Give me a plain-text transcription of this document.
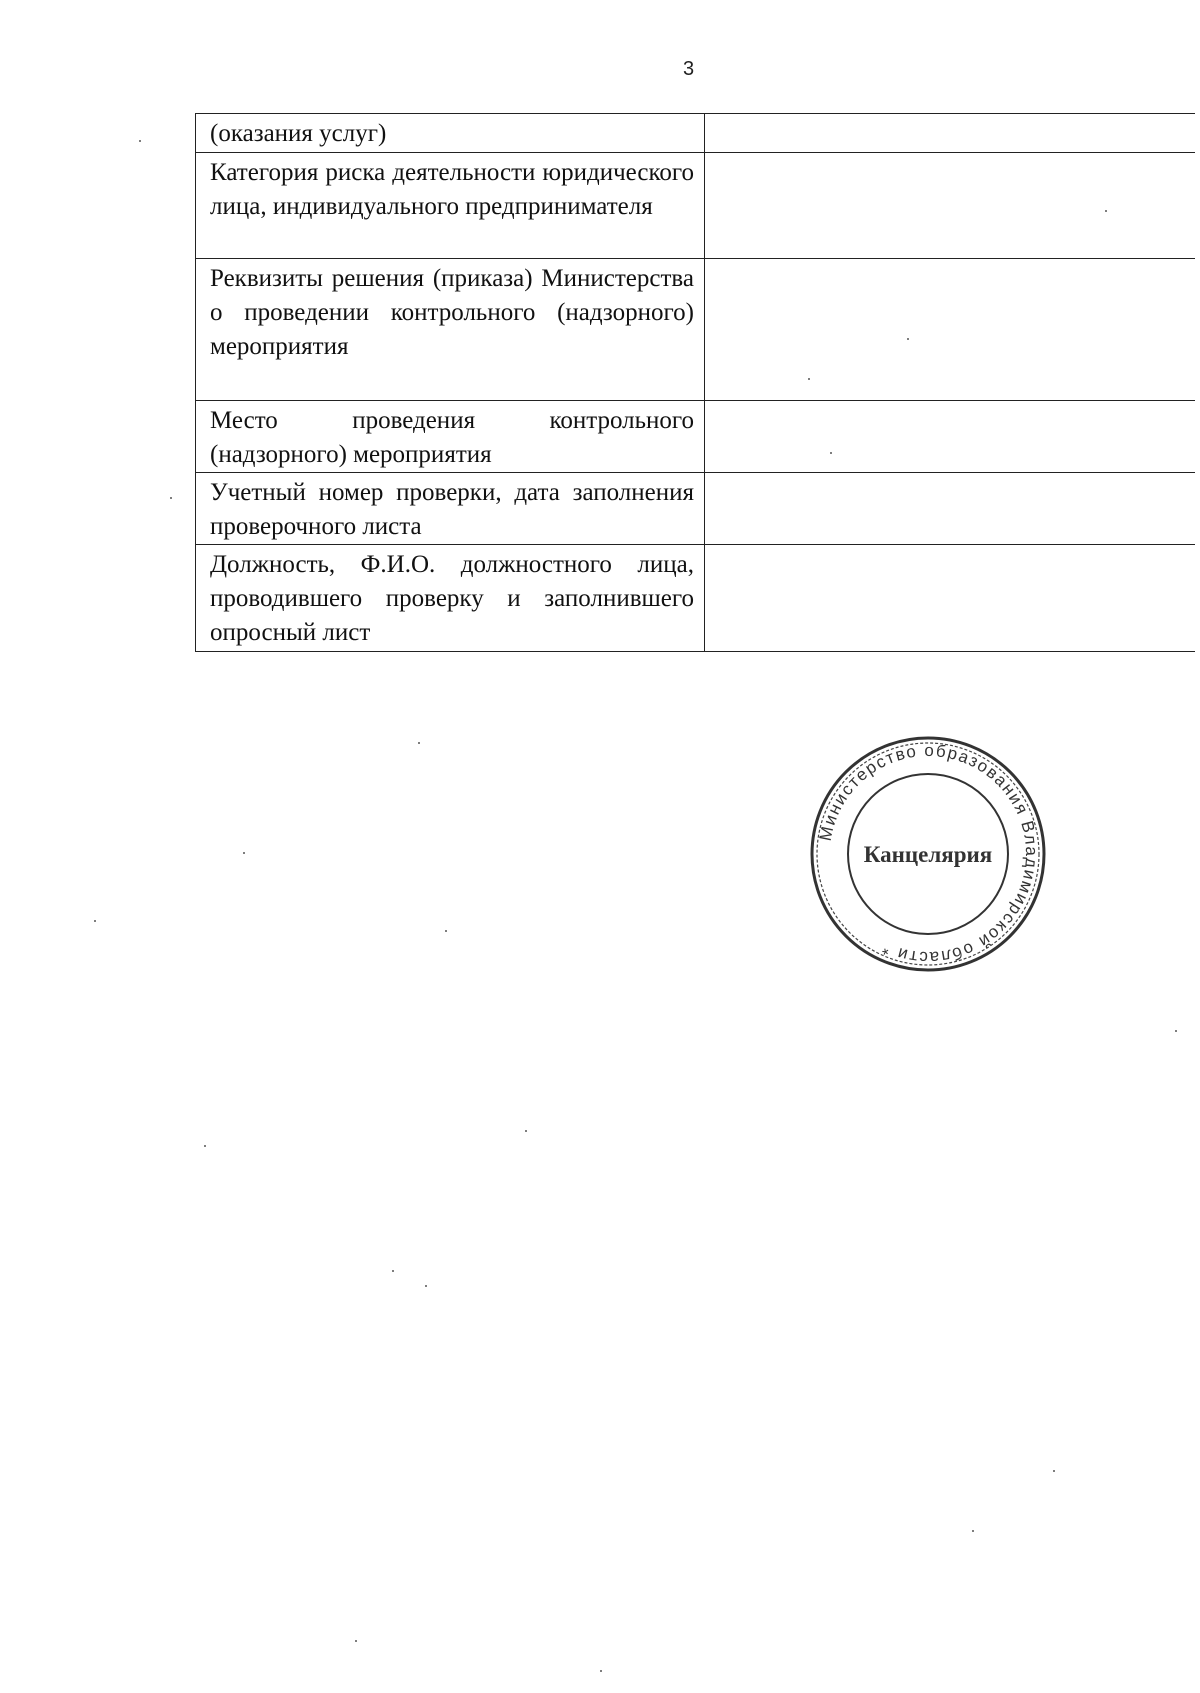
3
(оказания услуг)	
Категория риска деятельности юридического лица, индивидуального предпринимателя	
Реквизиты решения (приказа) Министерства о проведении контрольного (надзорного) мероприятия	
Место проведения контрольного (надзорного) мероприятия	
Учетный номер проверки, дата заполнения проверочного листа	
Должность, Ф.И.О. должностного лица, проводившего проверку и заполнившего опросный лист	
Министерство образования Владимирской области *
Канцелярия
